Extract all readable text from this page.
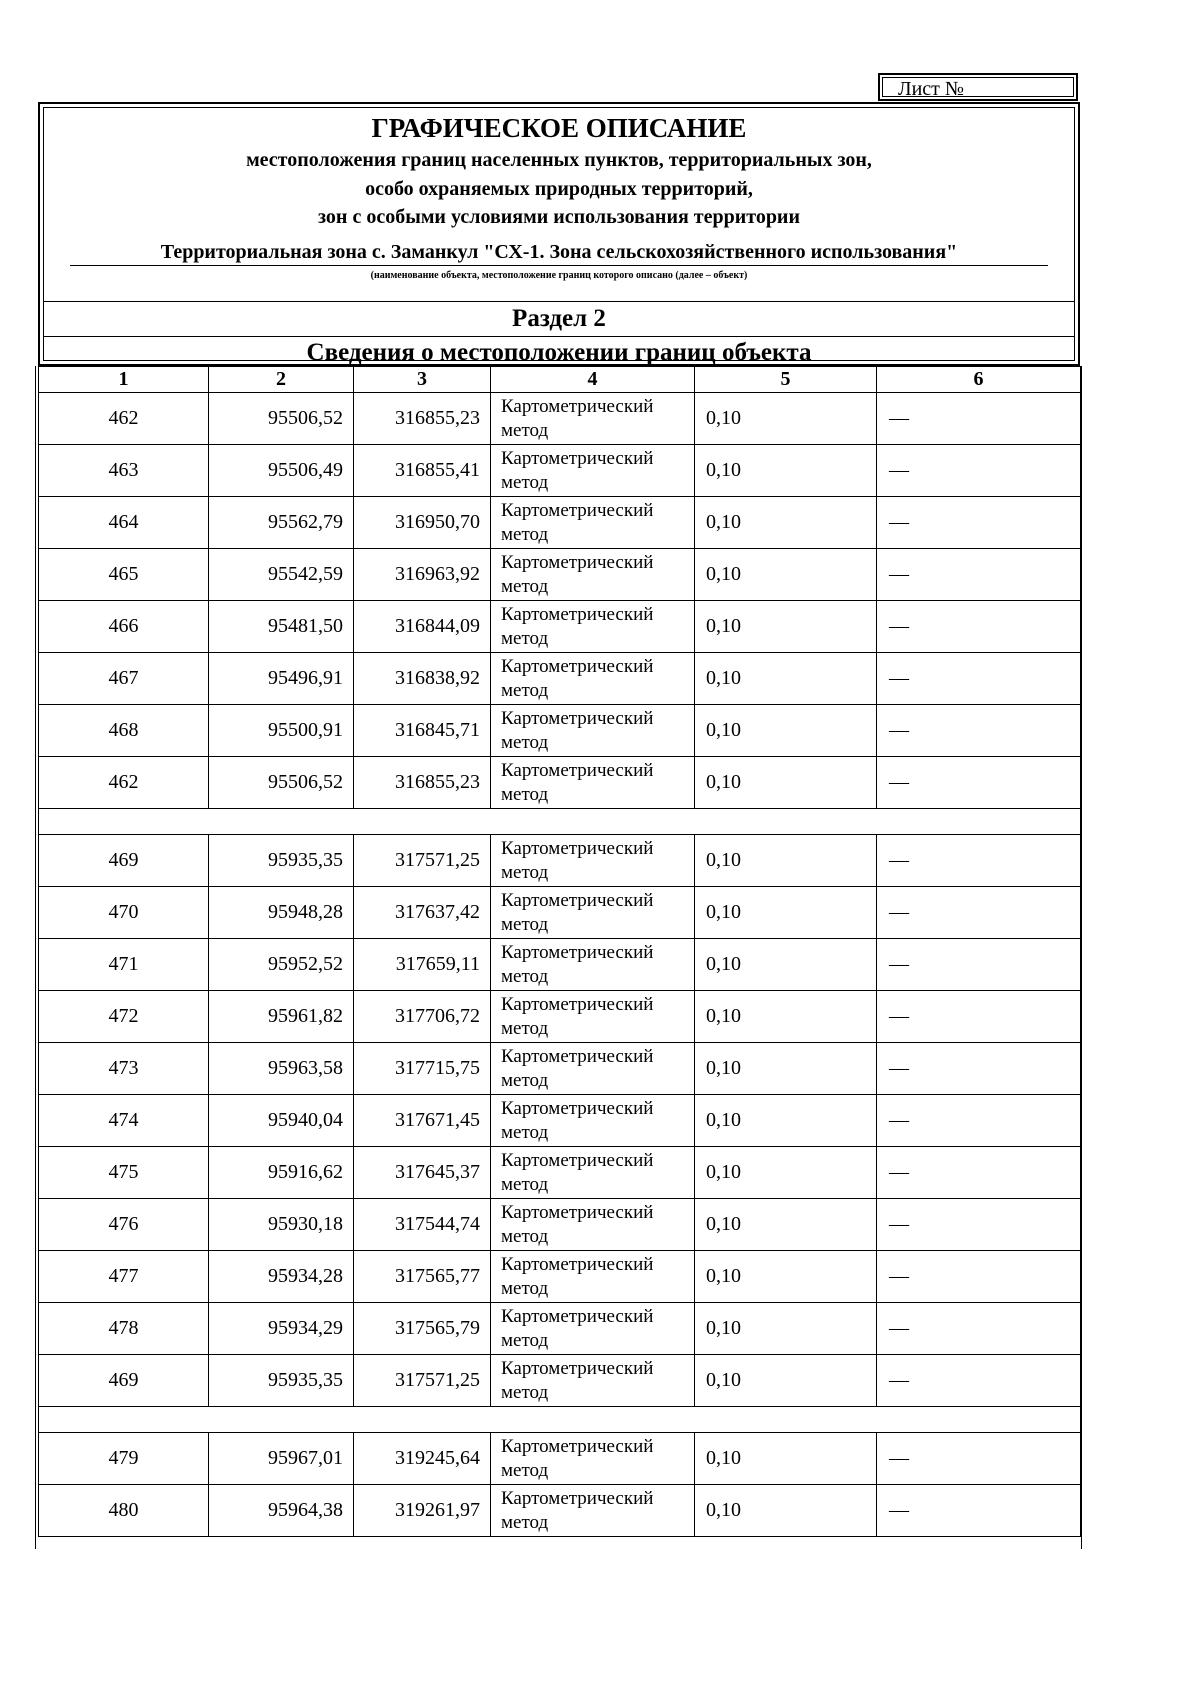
Лист №
ГРАФИЧЕСКОЕ ОПИСАНИЕ
местоположения границ населенных пунктов, территориальных зон,
особо охраняемых природных территорий,
зон с особыми условиями использования территории
Территориальная зона с. Заманкул "СХ-1. Зона сельскохозяйственного использования"
(наименование объекта, местоположение границ которого описано (далее – объект)
Раздел 2
Сведения о местоположении границ объекта
1	2	3	4	5	6
462	95506,52	316855,23	Картометрический
метод	0,10	—
463	95506,49	316855,41	Картометрический
метод	0,10	—
464	95562,79	316950,70	Картометрический
метод	0,10	—
465	95542,59	316963,92	Картометрический
метод	0,10	—
466	95481,50	316844,09	Картометрический
метод	0,10	—
467	95496,91	316838,92	Картометрический
метод	0,10	—
468	95500,91	316845,71	Картометрический
метод	0,10	—
462	95506,52	316855,23	Картометрический
метод	0,10	—

469	95935,35	317571,25	Картометрический
метод	0,10	—
470	95948,28	317637,42	Картометрический
метод	0,10	—
471	95952,52	317659,11	Картометрический
метод	0,10	—
472	95961,82	317706,72	Картометрический
метод	0,10	—
473	95963,58	317715,75	Картометрический
метод	0,10	—
474	95940,04	317671,45	Картометрический
метод	0,10	—
475	95916,62	317645,37	Картометрический
метод	0,10	—
476	95930,18	317544,74	Картометрический
метод	0,10	—
477	95934,28	317565,77	Картометрический
метод	0,10	—
478	95934,29	317565,79	Картометрический
метод	0,10	—
469	95935,35	317571,25	Картометрический
метод	0,10	—

479	95967,01	319245,64	Картометрический
метод	0,10	—
480	95964,38	319261,97	Картометрический
метод	0,10	—
